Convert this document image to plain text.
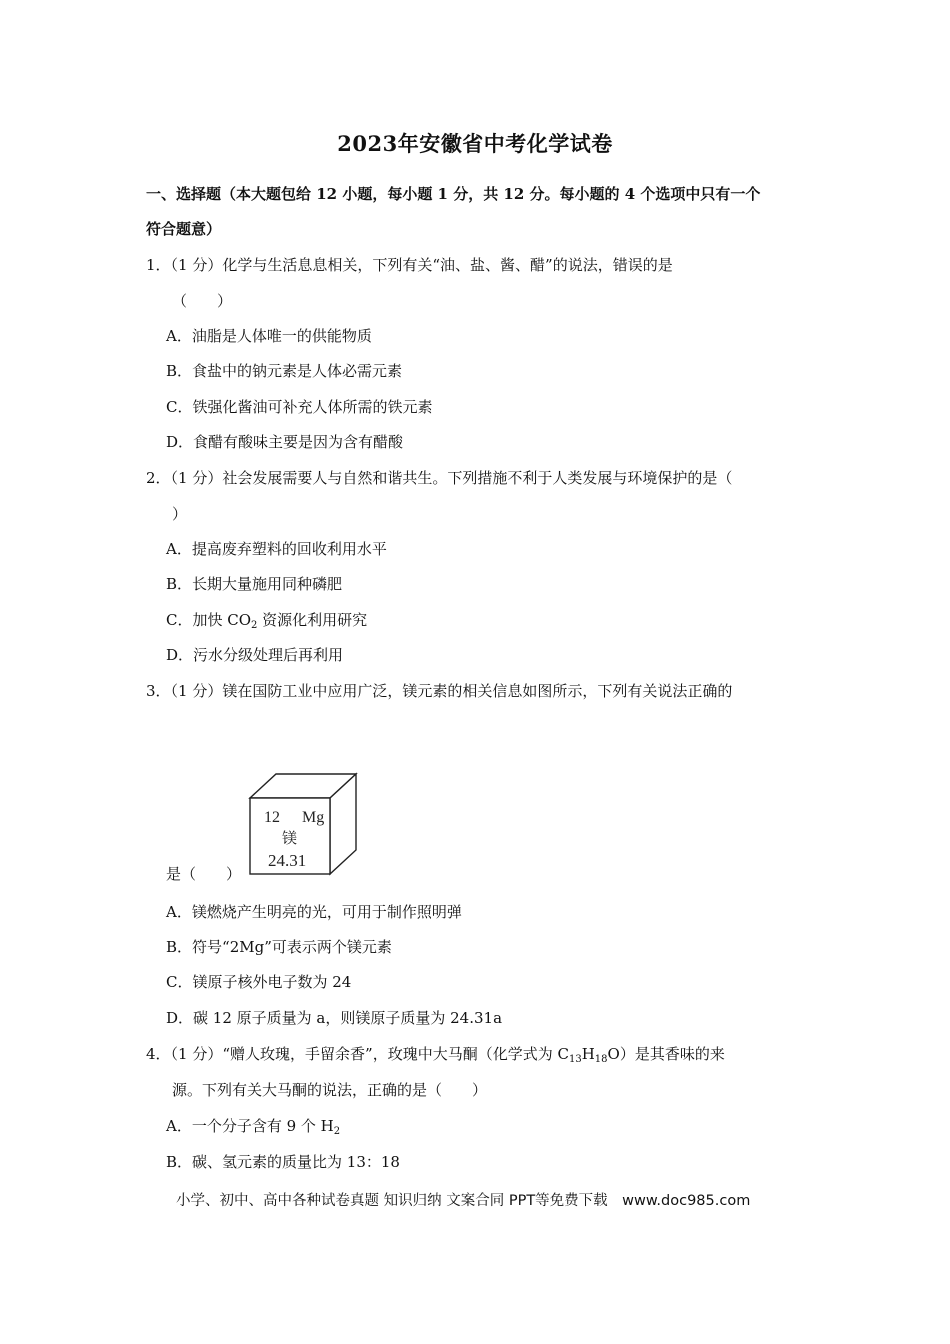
2023年安徽省中考化学试卷
一、选择题（本大题包给 12 小题，每小题 1 分，共 12 分。每小题的 4 个选项中只有一个
符合题意）
1．（1 分）化学与生活息息相关，下列有关“油、盐、酱、醋”的说法，错误的是
（　　）
A．油脂是人体唯一的供能物质
B．食盐中的钠元素是人体必需元素
C．铁强化酱油可补充人体所需的铁元素
D．食醋有酸味主要是因为含有醋酸
2．（1 分）社会发展需要人与自然和谐共生。下列措施不利于人类发展与环境保护的是（
）
A．提高废弃塑料的回收利用水平
B．长期大量施用同种磷肥
C．加快 $CO_2$ 资源化利用研究
D．污水分级处理后再利用
3．（1 分）镁在国防工业中应用广泛，镁元素的相关信息如图所示，下列有关说法正确的
12 Mg
镁
24.31
是（　　）
A．镁燃烧产生明亮的光，可用于制作照明弹
B．符号“2Mg”可表示两个镁元素
C．镁原子核外电子数为 24
D．碳 12 原子质量为 a，则镁原子质量为 24.31a
4．（1 分）“赠人玫瑰，手留余香”，玫瑰中大马酮（化学式为 $C_{13}H_{18}O$）是其香味的来
源。下列有关大马酮的说法，正确的是（　　）
A．一个分子含有 9 个 $H_2$
B．碳、氢元素的质量比为 13：18
小学、初中、高中各种试卷真题 知识归纳 文案合同 PPT等免费下载　www.doc985.com
